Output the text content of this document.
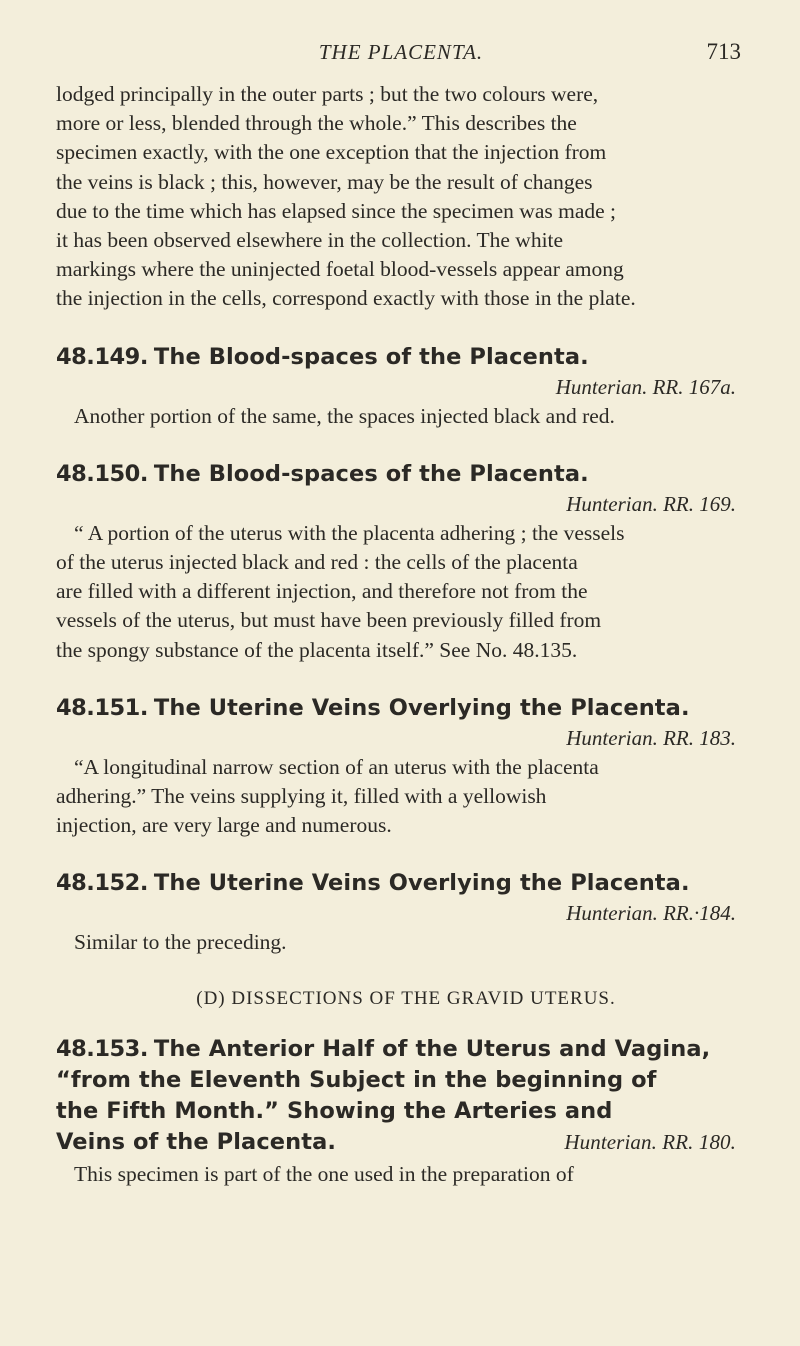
THE PLACENTA.	713
lodged principally in the outer parts ; but the two colours were,
more or less, blended through the whole.” This describes the
specimen exactly, with the one exception that the injection from
the veins is black ; this, however, may be the result of changes
due to the time which has elapsed since the specimen was made ;
it has been observed elsewhere in the collection. The white
markings where the uninjected foetal blood-vessels appear among
the injection in the cells, correspond exactly with those in the plate.
48.149. The Blood-spaces of the Placenta.
Hunterian. RR. 167a.

Another portion of the same, the spaces injected black and red.

48.150. The Blood-spaces of the Placenta.
Hunterian. RR. 169.
“ A portion of the uterus with the placenta adhering ; the vessels
of the uterus injected black and red : the cells of the placenta
are filled with a different injection, and therefore not from the
vessels of the uterus, but must have been previously filled from
the spongy substance of the placenta itself.” See No. 48.135.
48.151. The Uterine Veins Overlying the Placenta.
Hunterian. RR. 183.
“A longitudinal narrow section of an uterus with the placenta
adhering.” The veins supplying it, filled with a yellowish
injection, are very large and numerous.
48.152. The Uterine Veins Overlying the Placenta.
Hunterian. RR.·184.

Similar to the preceding.

(D) DISSECTIONS OF THE GRAVID UTERUS.
48.153. The Anterior Half of the Uterus and Vagina,
“from the Eleventh Subject in the beginning of
the Fifth Month.” Showing the Arteries and
Veins of the Placenta.	Hunterian. RR. 180.
This specimen is part of the one used in the preparation of
